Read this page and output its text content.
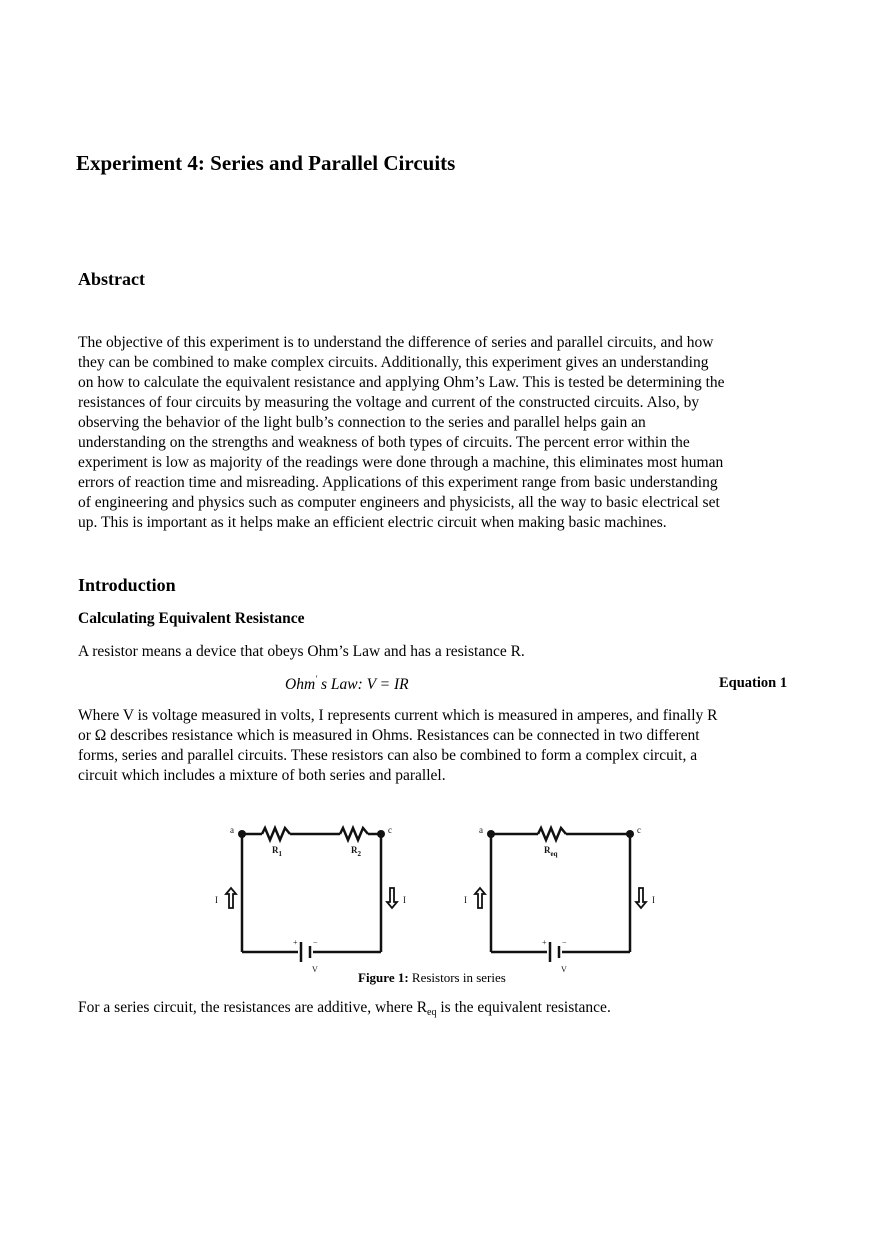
Experiment 4: Series and Parallel Circuits
Abstract
The objective of this experiment is to understand the difference of series and parallel circuits, and how
they can be combined to make complex circuits. Additionally, this experiment gives an understanding
on how to calculate the equivalent resistance and applying Ohm’s Law. This is tested be determining the
resistances of four circuits by measuring the voltage and current of the constructed circuits. Also, by
observing the behavior of the light bulb’s connection to the series and parallel helps gain an
understanding on the strengths and weakness of both types of circuits. The percent error within the
experiment is low as majority of the readings were done through a machine, this eliminates most human
errors of reaction time and misreading. Applications of this experiment range from basic understanding
of engineering and physics such as computer engineers and physicists, all the way to basic electrical set
up. This is important as it helps make an efficient electric circuit when making basic machines.
Introduction
Calculating Equivalent Resistance
A resistor means a device that obeys Ohm’s Law and has a resistance R.
Ohm' s Law: V = IR	Equation 1
Where V is voltage measured in volts, I represents current which is measured in amperes, and finally R
or Ω describes resistance which is measured in Ohms. Resistances can be connected in two different
forms, series and parallel circuits. These resistors can also be combined to form a complex circuit, a
circuit which includes a mixture of both series and parallel.
a	c
$R_1$	$R_2$
I	I
+ −
V
a	c
$R_{eq}$
I	I
+ −
V
Figure 1: Resistors in series
For a series circuit, the resistances are additive, where $R_{eq}$ is the equivalent resistance.
